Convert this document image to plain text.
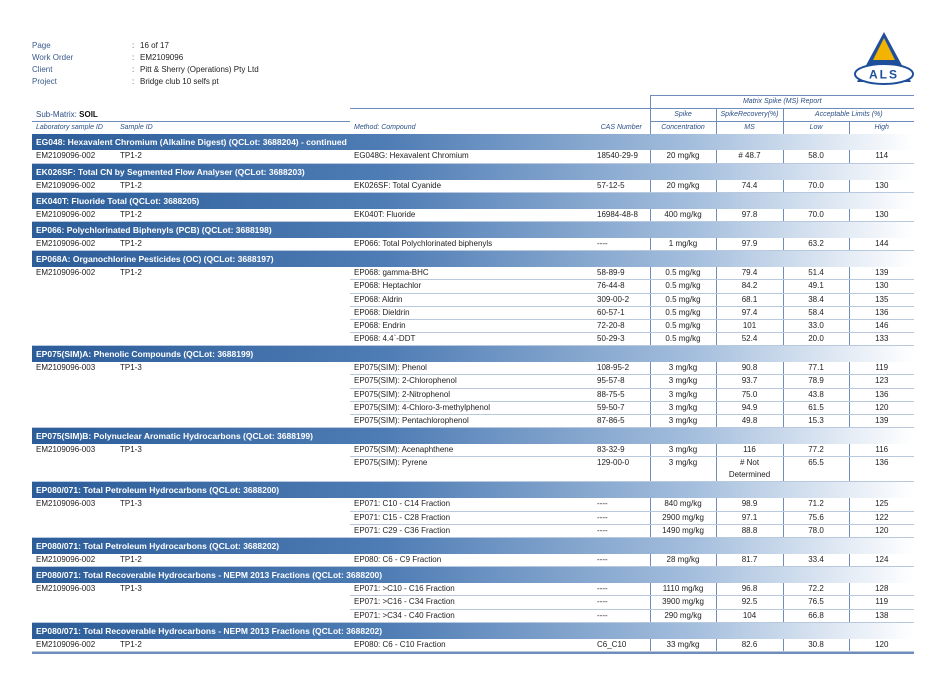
Page	: 16 of 17
Work Order	: EM2109096
Client	: Pitt & Sherry (Operations) Pty Ltd
Project	: Bridge club 10 selfs pt	ALS
Sub-Matrix: SOIL				Matrix Spike (MS) Report			
				Spike	SpikeRecovery(%)	Acceptable Limits (%)	
Laboratory sample ID	Sample ID	Method: Compound	CAS Number	Concentration	MS	Low	High
EG048: Hexavalent Chromium (Alkaline Digest) (QCLot: 3688204) - continued							
EM2109096-002	TP1-2	EG048G: Hexavalent Chromium	18540-29-9	20 mg/kg	# 48.7	58.0	114
EK026SF: Total CN by Segmented Flow Analyser (QCLot: 3688203)							
EM2109096-002	TP1-2	EK026SF: Total Cyanide	57-12-5	20 mg/kg	74.4	70.0	130
EK040T: Fluoride Total (QCLot: 3688205)							
EM2109096-002	TP1-2	EK040T: Fluoride	16984-48-8	400 mg/kg	97.8	70.0	130
EP066: Polychlorinated Biphenyls (PCB) (QCLot: 3688198)							
EM2109096-002	TP1-2	EP066: Total Polychlorinated biphenyls	----	1 mg/kg	97.9	63.2	144
EP068A: Organochlorine Pesticides (OC) (QCLot: 3688197)							
EM2109096-002	TP1-2	EP068: gamma-BHC	58-89-9	0.5 mg/kg	79.4	51.4	139
		EP068: Heptachlor	76-44-8	0.5 mg/kg	84.2	49.1	130
		EP068: Aldrin	309-00-2	0.5 mg/kg	68.1	38.4	135
		EP068: Dieldrin	60-57-1	0.5 mg/kg	97.4	58.4	136
		EP068: Endrin	72-20-8	0.5 mg/kg	101	33.0	146
		EP068: 4.4`-DDT	50-29-3	0.5 mg/kg	52.4	20.0	133
EP075(SIM)A: Phenolic Compounds (QCLot: 3688199)							
EM2109096-003	TP1-3	EP075(SIM): Phenol	108-95-2	3 mg/kg	90.8	77.1	119
		EP075(SIM): 2-Chlorophenol	95-57-8	3 mg/kg	93.7	78.9	123
		EP075(SIM): 2-Nitrophenol	88-75-5	3 mg/kg	75.0	43.8	136
		EP075(SIM): 4-Chloro-3-methylphenol	59-50-7	3 mg/kg	94.9	61.5	120
		EP075(SIM): Pentachlorophenol	87-86-5	3 mg/kg	49.8	15.3	139
EP075(SIM)B: Polynuclear Aromatic Hydrocarbons (QCLot: 3688199)							
EM2109096-003	TP1-3	EP075(SIM): Acenaphthene	83-32-9	3 mg/kg	116	77.2	116
		EP075(SIM): Pyrene	129-00-0	3 mg/kg	# Not Determined	65.5	136
EP080/071: Total Petroleum Hydrocarbons (QCLot: 3688200)							
EM2109096-003	TP1-3	EP071: C10 - C14 Fraction	----	840 mg/kg	98.9	71.2	125
		EP071: C15 - C28 Fraction	----	2900 mg/kg	97.1	75.6	122
		EP071: C29 - C36 Fraction	----	1490 mg/kg	88.8	78.0	120
EP080/071: Total Petroleum Hydrocarbons (QCLot: 3688202)							
EM2109096-002	TP1-2	EP080: C6 - C9 Fraction	----	28 mg/kg	81.7	33.4	124
EP080/071: Total Recoverable Hydrocarbons - NEPM 2013 Fractions (QCLot: 3688200)							
EM2109096-003	TP1-3	EP071: >C10 - C16 Fraction	----	1110 mg/kg	96.8	72.2	128
		EP071: >C16 - C34 Fraction	----	3900 mg/kg	92.5	76.5	119
		EP071: >C34 - C40 Fraction	----	290 mg/kg	104	66.8	138
EP080/071: Total Recoverable Hydrocarbons - NEPM 2013 Fractions (QCLot: 3688202)							
EM2109096-002	TP1-2	EP080: C6 - C10 Fraction	C6_C10	33 mg/kg	82.6	30.8	120
